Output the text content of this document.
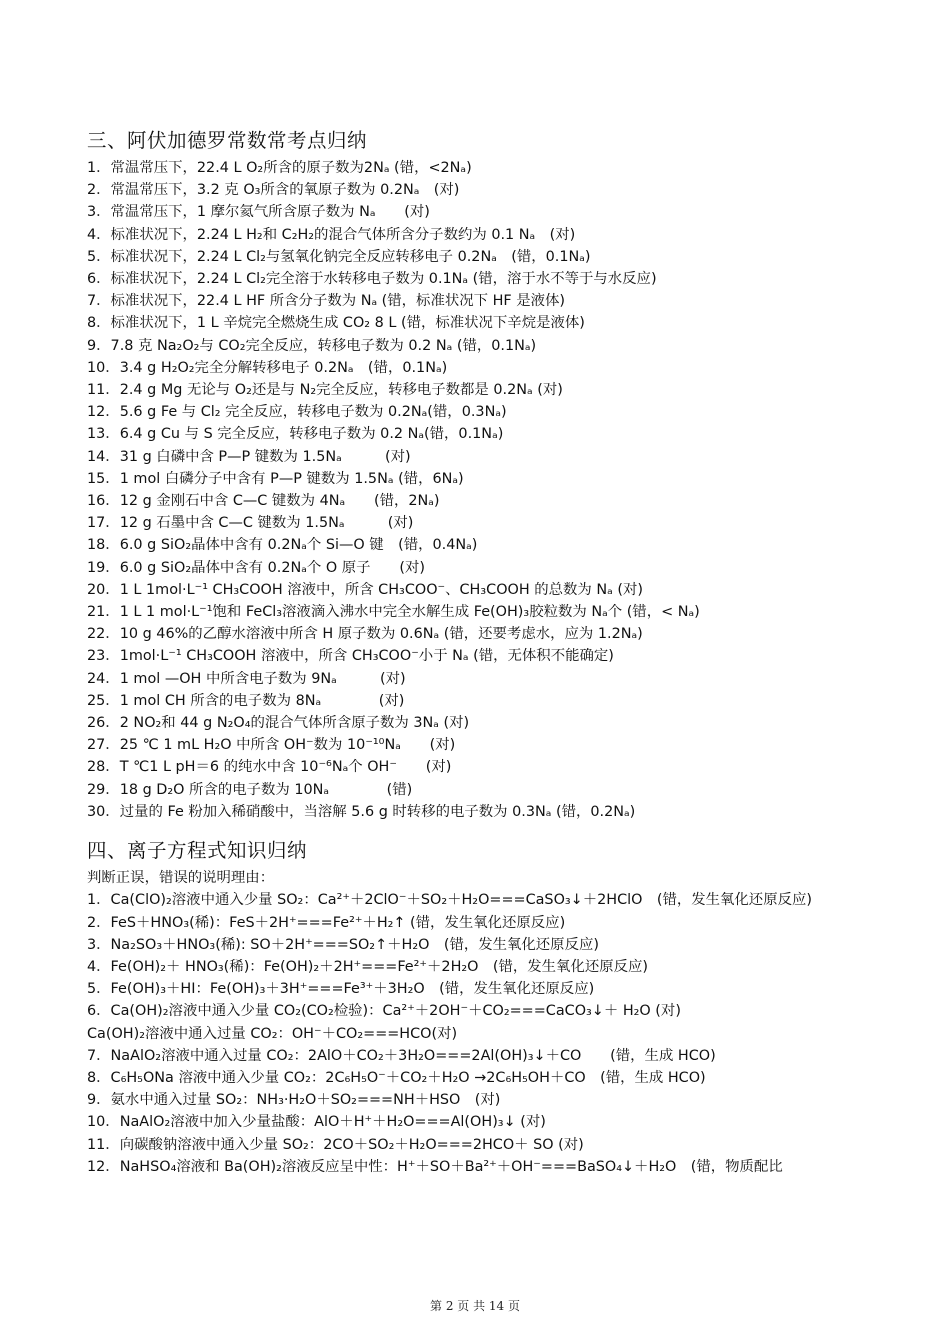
三、阿伏加德罗常数常考点归纳
1．常温常压下，22.4 L O₂所含的原子数为2Nₐ (错，<2Nₐ)
2．常温常压下，3.2 克 O₃所含的氧原子数为 0.2Nₐ　(对)
3．常温常压下，1 摩尔氦气所含原子数为 Nₐ　　(对)
4．标准状况下，2.24 L H₂和 C₂H₂的混合气体所含分子数约为 0.1 Nₐ　(对)
5．标准状况下，2.24 L Cl₂与氢氧化钠完全反应转移电子 0.2Nₐ　(错，0.1Nₐ)
6．标准状况下，2.24 L Cl₂完全溶于水转移电子数为 0.1Nₐ (错，溶于水不等于与水反应)
7．标准状况下，22.4 L HF 所含分子数为 Nₐ (错，标准状况下 HF 是液体)
8．标准状况下，1 L 辛烷完全燃烧生成 CO₂ 8 L (错，标准状况下辛烷是液体)
9．7.8 克 Na₂O₂与 CO₂完全反应，转移电子数为 0.2 Nₐ (错，0.1Nₐ)
10．3.4 g H₂O₂完全分解转移电子 0.2Nₐ　(错，0.1Nₐ)
11．2.4 g Mg 无论与 O₂还是与 N₂完全反应，转移电子数都是 0.2Nₐ (对)
12．5.6 g Fe 与 Cl₂ 完全反应，转移电子数为 0.2Nₐ(错，0.3Nₐ)
13．6.4 g Cu 与 S 完全反应，转移电子数为 0.2 Nₐ(错，0.1Nₐ)
14．31 g 白磷中含 P—P 键数为 1.5Nₐ　　　(对)
15．1 mol 白磷分子中含有 P—P 键数为 1.5Nₐ (错，6Nₐ)
16．12 g 金刚石中含 C—C 键数为 4Nₐ　　(错，2Nₐ)
17．12 g 石墨中含 C—C 键数为 1.5Nₐ　　　(对)
18．6.0 g SiO₂晶体中含有 0.2Nₐ个 Si—O 键　(错，0.4Nₐ)
19．6.0 g SiO₂晶体中含有 0.2Nₐ个 O 原子　　(对)
20．1 L 1mol·L⁻¹ CH₃COOH 溶液中，所含 CH₃COO⁻、CH₃COOH 的总数为 Nₐ (对)
21．1 L 1 mol·L⁻¹饱和 FeCl₃溶液滴入沸水中完全水解生成 Fe(OH)₃胶粒数为 Nₐ个 (错，< Nₐ)
22．10 g 46%的乙醇水溶液中所含 H 原子数为 0.6Nₐ (错，还要考虑水，应为 1.2Nₐ)
23．1mol·L⁻¹ CH₃COOH 溶液中，所含 CH₃COO⁻小于 Nₐ (错，无体积不能确定)
24．1 mol —OH 中所含电子数为 9Nₐ　　　(对)
25．1 mol CH 所含的电子数为 8Nₐ　　　　(对)
26．2 NO₂和 44 g N₂O₄的混合气体所含原子数为 3Nₐ (对)
27．25 ℃ 1 mL H₂O 中所含 OH⁻数为 10⁻¹⁰Nₐ　　(对)
28．T ℃1 L pH＝6 的纯水中含 10⁻⁶Nₐ个 OH⁻　　(对)
29．18 g D₂O 所含的电子数为 10Nₐ　　　　(错)
30．过量的 Fe 粉加入稀硝酸中，当溶解 5.6 g 时转移的电子数为 0.3Nₐ (错，0.2Nₐ)
四、离子方程式知识归纳
判断正误，错误的说明理由：
1．Ca(ClO)₂溶液中通入少量 SO₂：Ca²⁺＋2ClO⁻＋SO₂＋H₂O===CaSO₃↓＋2HClO　(错，发生氧化还原反应)
2．FeS＋HNO₃(稀)：FeS＋2H⁺===Fe²⁺＋H₂↑ (错，发生氧化还原反应)
3．Na₂SO₃＋HNO₃(稀): SO＋2H⁺===SO₂↑＋H₂O　(错，发生氧化还原反应)
4．Fe(OH)₂＋ HNO₃(稀)：Fe(OH)₂＋2H⁺===Fe²⁺＋2H₂O　(错，发生氧化还原反应)
5．Fe(OH)₃＋HI：Fe(OH)₃＋3H⁺===Fe³⁺＋3H₂O　(错，发生氧化还原反应)
6．Ca(OH)₂溶液中通入少量 CO₂(CO₂检验)：Ca²⁺＋2OH⁻＋CO₂===CaCO₃↓＋ H₂O (对)
Ca(OH)₂溶液中通入过量 CO₂：OH⁻＋CO₂===HCO(对)
7．NaAlO₂溶液中通入过量 CO₂：2AlO＋CO₂＋3H₂O===2Al(OH)₃↓＋CO　　(错，生成 HCO)
8．C₆H₅ONa 溶液中通入少量 CO₂：2C₆H₅O⁻＋CO₂＋H₂O →2C₆H₅OH＋CO　(错，生成 HCO)
9．氨水中通入过量 SO₂：NH₃·H₂O＋SO₂===NH＋HSO　(对)
10．NaAlO₂溶液中加入少量盐酸：AlO＋H⁺＋H₂O===Al(OH)₃↓ (对)
11．向碳酸钠溶液中通入少量 SO₂：2CO＋SO₂＋H₂O===2HCO＋ SO (对)
12．NaHSO₄溶液和 Ba(OH)₂溶液反应呈中性：H⁺＋SO＋Ba²⁺＋OH⁻===BaSO₄↓＋H₂O　(错，物质配比
第 2 页 共 14 页
